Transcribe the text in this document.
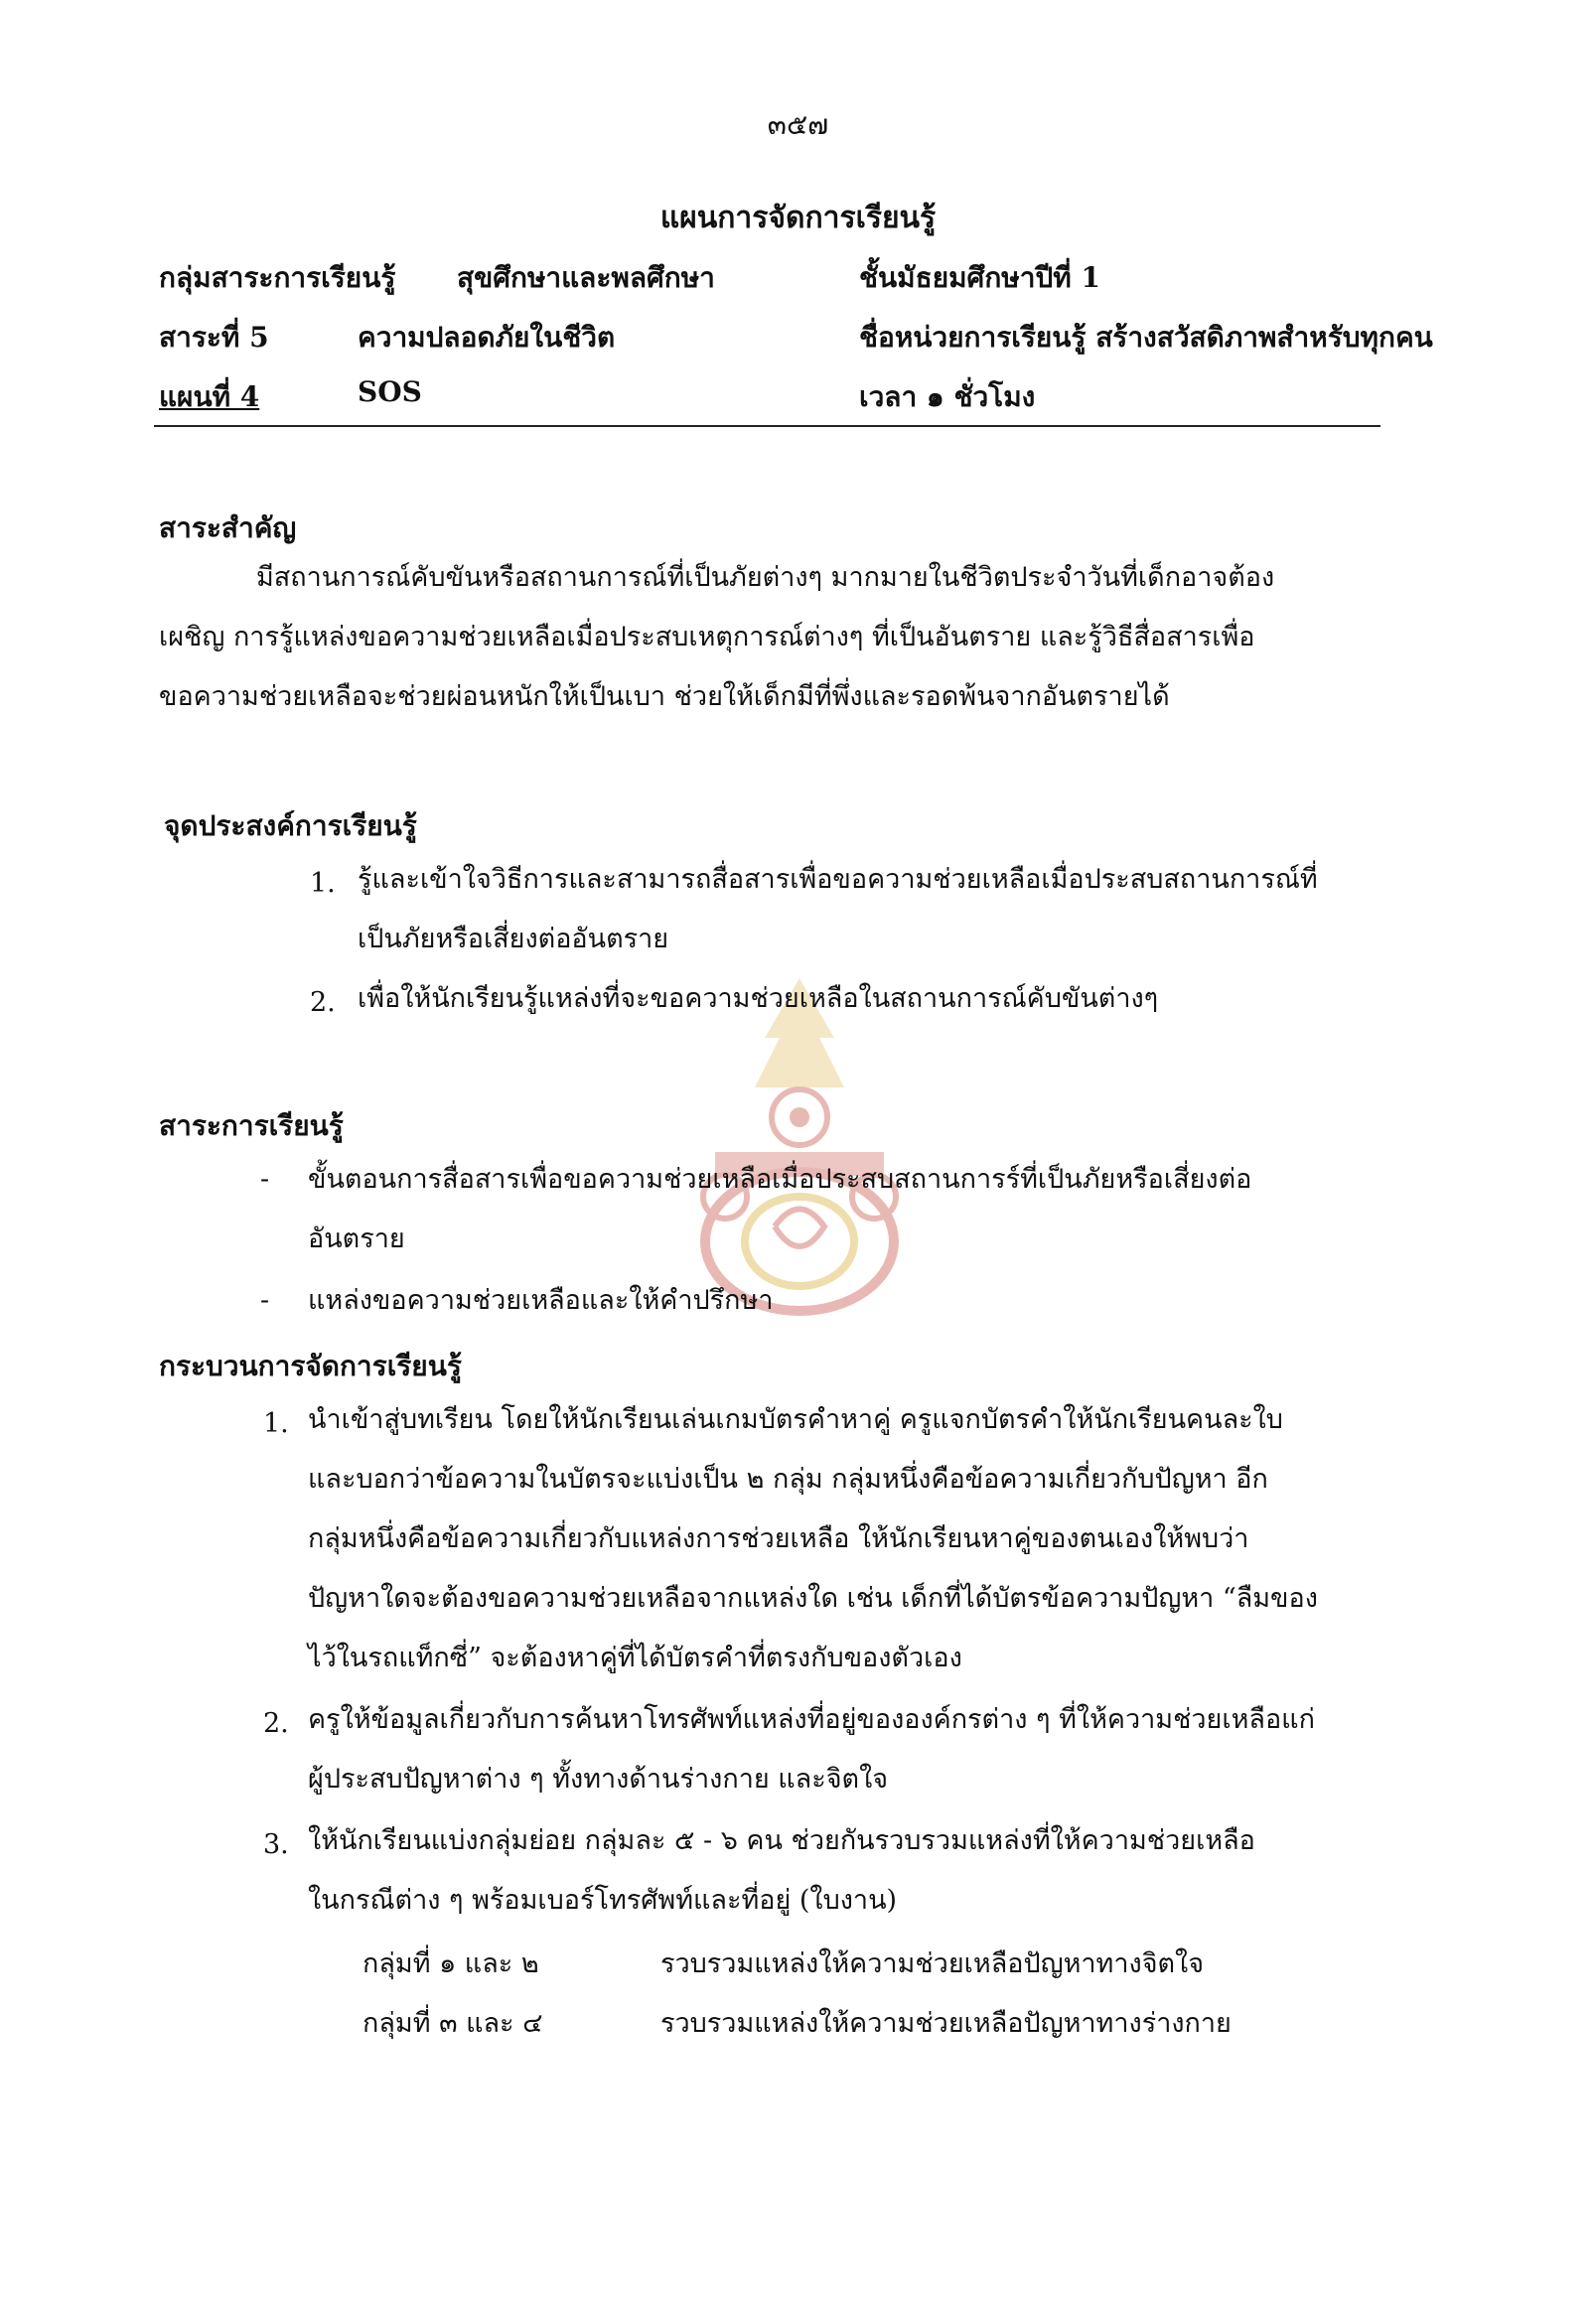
๓๕๗
แผนการจัดการเรียนรู้
กลุ่มสาระการเรียนรู้ สุขศึกษาและพลศึกษา	ชั้นมัธยมศึกษาปีที่ 1
สาระที่ 5	ความปลอดภัยในชีวิต	ชื่อหน่วยการเรียนรู้ สร้างสวัสดิภาพสำหรับทุกคน
แผนที่ 4	SOS	เวลา ๑ ชั่วโมง
สาระสำคัญ
มีสถานการณ์คับขันหรือสถานการณ์ที่เป็นภัยต่างๆ มากมายในชีวิตประจำวันที่เด็กอาจต้อง
เผชิญ การรู้แหล่งขอความช่วยเหลือเมื่อประสบเหตุการณ์ต่างๆ ที่เป็นอันตราย และรู้วิธีสื่อสารเพื่อ
ขอความช่วยเหลือจะช่วยผ่อนหนักให้เป็นเบา ช่วยให้เด็กมีที่พึ่งและรอดพ้นจากอันตรายได้
จุดประสงค์การเรียนรู้
1. รู้และเข้าใจวิธีการและสามารถสื่อสารเพื่อขอความช่วยเหลือเมื่อประสบสถานการณ์ที่
เป็นภัยหรือเสี่ยงต่ออันตราย
2. เพื่อให้นักเรียนรู้แหล่งที่จะขอความช่วยเหลือในสถานการณ์คับขันต่างๆ
สาระการเรียนรู้
- ขั้นตอนการสื่อสารเพื่อขอความช่วยเหลือเมื่อประสบสถานการร์ที่เป็นภัยหรือเสี่ยงต่อ
อันตราย
- แหล่งขอความช่วยเหลือและให้คำปรึกษา
กระบวนการจัดการเรียนรู้
1. นำเข้าสู่บทเรียน โดยให้นักเรียนเล่นเกมบัตรคำหาคู่ ครูแจกบัตรคำให้นักเรียนคนละใบ
และบอกว่าข้อความในบัตรจะแบ่งเป็น ๒ กลุ่ม กลุ่มหนึ่งคือข้อความเกี่ยวกับปัญหา อีก
กลุ่มหนึ่งคือข้อความเกี่ยวกับแหล่งการช่วยเหลือ ให้นักเรียนหาคู่ของตนเองให้พบว่า
ปัญหาใดจะต้องขอความช่วยเหลือจากแหล่งใด เช่น เด็กที่ได้บัตรข้อความปัญหา “ลืมของ
ไว้ในรถแท็กซี่” จะต้องหาคู่ที่ได้บัตรคำที่ตรงกับของตัวเอง
2. ครูให้ข้อมูลเกี่ยวกับการค้นหาโทรศัพท์แหล่งที่อยู่ขององค์กรต่าง ๆ ที่ให้ความช่วยเหลือแก่
ผู้ประสบปัญหาต่าง ๆ ทั้งทางด้านร่างกาย และจิตใจ
3. ให้นักเรียนแบ่งกลุ่มย่อย กลุ่มละ ๕ - ๖ คน ช่วยกันรวบรวมแหล่งที่ให้ความช่วยเหลือ
ในกรณีต่าง ๆ พร้อมเบอร์โทรศัพท์และที่อยู่ (ใบงาน)
กลุ่มที่ ๑ และ ๒	รวบรวมแหล่งให้ความช่วยเหลือปัญหาทางจิตใจ
กลุ่มที่ ๓ และ ๔	รวบรวมแหล่งให้ความช่วยเหลือปัญหาทางร่างกาย
